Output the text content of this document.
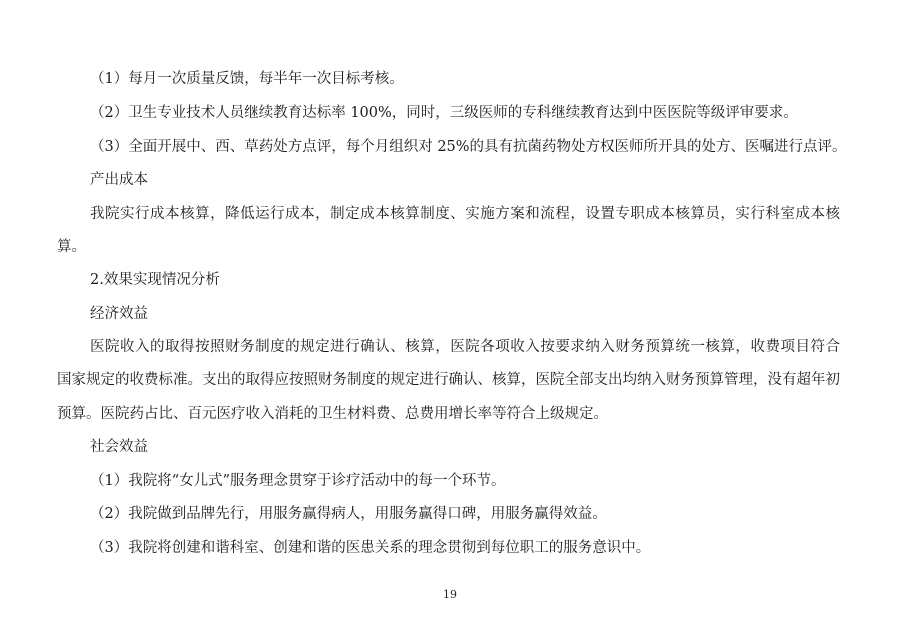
（1）每月一次质量反馈，每半年一次目标考核。
（2）卫生专业技术人员继续教育达标率 100%，同时，三级医师的专科继续教育达到中医医院等级评审要求。
（3）全面开展中、西、草药处方点评，每个月组织对 25%的具有抗菌药物处方权医师所开具的处方、医嘱进行点评。
产出成本
我院实行成本核算，降低运行成本，制定成本核算制度、实施方案和流程，设置专职成本核算员，实行科室成本核
算。
2.效果实现情况分析
经济效益
医院收入的取得按照财务制度的规定进行确认、核算，医院各项收入按要求纳入财务预算统一核算，收费项目符合
国家规定的收费标准。支出的取得应按照财务制度的规定进行确认、核算，医院全部支出均纳入财务预算管理，没有超年初
预算。医院药占比、百元医疗收入消耗的卫生材料费、总费用增长率等符合上级规定。
社会效益
（1）我院将“女儿式”服务理念贯穿于诊疗活动中的每一个环节。
（2）我院做到品牌先行，用服务赢得病人，用服务赢得口碑，用服务赢得效益。
（3）我院将创建和谐科室、创建和谐的医患关系的理念贯彻到每位职工的服务意识中。
19
